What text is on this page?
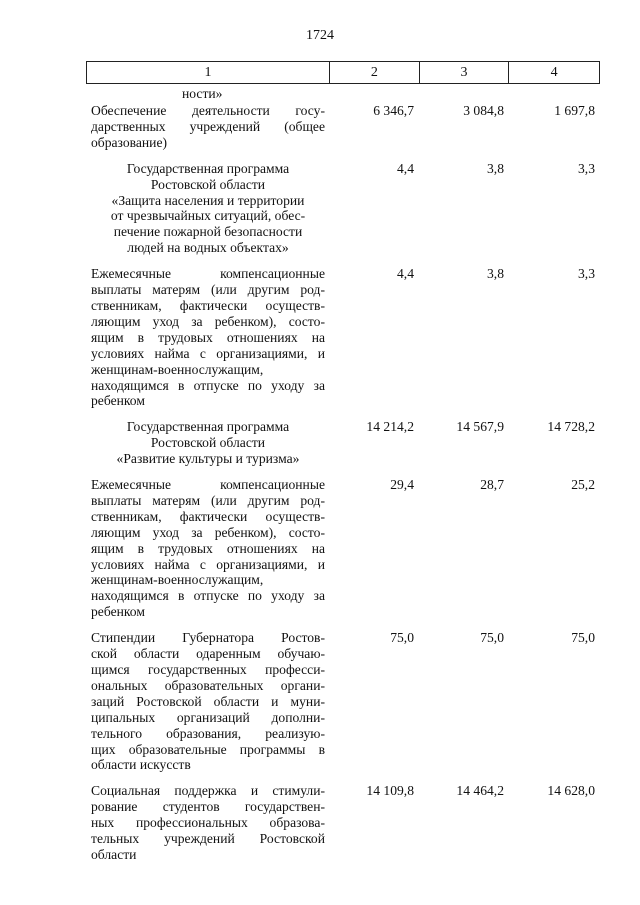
1724
1	2	3	4
ности»
Обеспечение деятельности госу-
дарственных учреждений (общее
образование)
6 346,7	3 084,8	1 697,8
Государственная программа
Ростовской области
«Защита населения и территории
от чрезвычайных ситуаций, обес-
печение пожарной безопасности
людей на водных объектах»
4,4	3,8	3,3
Ежемесячные компенсационные
выплаты матерям (или другим род-
ственникам, фактически осуществ-
ляющим уход за ребенком), состо-
ящим в трудовых отношениях на
условиях найма с организациями, и
женщинам-военнослужащим,
находящимся в отпуске по уходу за
ребенком
4,4	3,8	3,3
Государственная программа
Ростовской области
«Развитие культуры и туризма»
14 214,2	14 567,9	14 728,2
Ежемесячные компенсационные
выплаты матерям (или другим род-
ственникам, фактически осуществ-
ляющим уход за ребенком), состо-
ящим в трудовых отношениях на
условиях найма с организациями, и
женщинам-военнослужащим,
находящимся в отпуске по уходу за
ребенком
29,4	28,7	25,2
Стипендии Губернатора Ростов-
ской области одаренным обучаю-
щимся государственных професси-
ональных образовательных органи-
заций Ростовской области и муни-
ципальных организаций дополни-
тельного образования, реализую-
щих образовательные программы в
области искусств
75,0	75,0	75,0
Социальная поддержка и стимули-
рование студентов государствен-
ных профессиональных образова-
тельных учреждений Ростовской
области
14 109,8	14 464,2	14 628,0
